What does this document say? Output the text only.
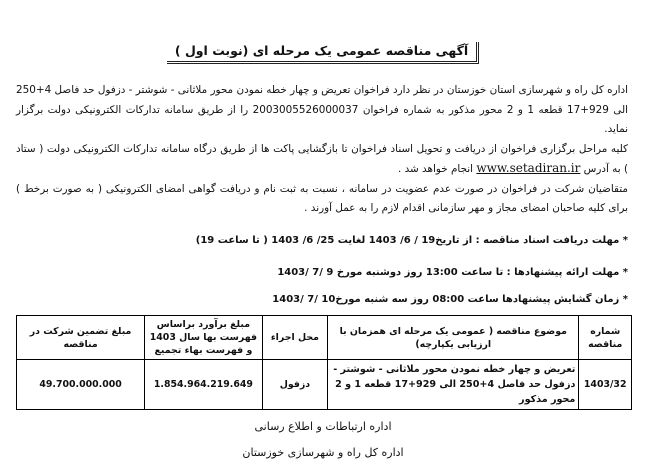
آگهی مناقصه عمومی یک مرحله ای (نوبت اول )

اداره کل راه و شهرسازی استان خوزستان در نظر دارد فراخوان تعریض و چهار خطه نمودن محور ملاثانی - شوشتر - دزفول حد فاصل 4+250 الی 929+17 قطعه 1 و 2 محور مذکور به شماره فراخوان 2003005526000037 را از طریق سامانه تدارکات الکترونیکی دولت برگزار نماید.

کلیه مراحل برگزاری فراخوان از دریافت و تحویل اسناد فراخوان تا بازگشایی پاکت ها از طریق درگاه سامانه تدارکات الکترونیکی دولت ( ستاد ) به آدرس www.setadiran.ir انجام خواهد شد .

متقاضیان شرکت در فراخوان در صورت عدم عضویت در سامانه ، نسبت به ثبت نام و دریافت گواهی امضای الکترونیکی ( به صورت برخط ) برای کلیه صاحبان امضای مجاز و مهر سازمانی اقدام لازم را به عمل آورند .

* مهلت دریافت اسناد مناقصه : از تاریخ19 / 6/ 1403 لغایت 25/ 6/ 1403 ( تا ساعت 19)
* مهلت ارائه پیشنهادها : تا ساعت 13:00 روز دوشنبه مورخ 9 /7 /1403
* زمان گشایش پیشنهادها ساعت 08:00 روز سه شنبه مورخ10 /7 /1403
شماره مناقصه	موضوع مناقصه ( عمومی یک مرحله ای همزمان با ارزیابی یکپارچه)	محل اجراء	مبلغ برآورد براساس فهرست بها سال 1403 و فهرست بهاء تجمیع	مبلغ تضمین شرکت در مناقصه
1403/32	تعریض و چهار خطه نمودن محور ملاثانی - شوشتر - دزفول حد فاصل 4+250 الی 929+17 قطعه 1 و 2 محور مذکور	دزفول	1.854.964.219.649	49.700.000.000
اداره ارتباطات و اطلاع رسانی
اداره کل راه و شهرسازی خوزستان
